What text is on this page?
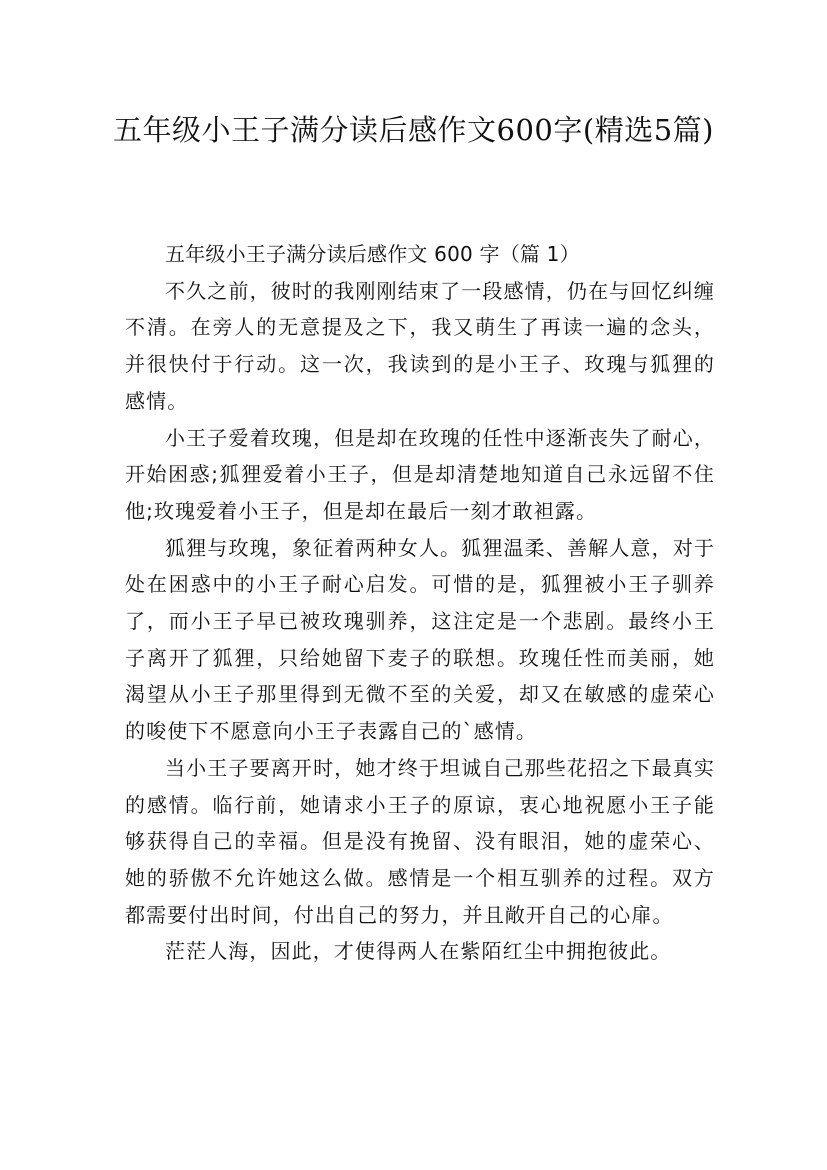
五年级小王子满分读后感作文600字(精选5篇)

五年级小王子满分读后感作文 600 字（篇 1）

不久之前，彼时的我刚刚结束了一段感情，仍在与回忆纠缠不清。在旁人的无意提及之下，我又萌生了再读一遍的念头，并很快付于行动。这一次，我读到的是小王子、玫瑰与狐狸的感情。

小王子爱着玫瑰，但是却在玫瑰的任性中逐渐丧失了耐心，开始困惑;狐狸爱着小王子，但是却清楚地知道自己永远留不住他;玫瑰爱着小王子，但是却在最后一刻才敢袒露。

狐狸与玫瑰，象征着两种女人。狐狸温柔、善解人意，对于处在困惑中的小王子耐心启发。可惜的是，狐狸被小王子驯养了，而小王子早已被玫瑰驯养，这注定是一个悲剧。最终小王子离开了狐狸，只给她留下麦子的联想。玫瑰任性而美丽，她渴望从小王子那里得到无微不至的关爱，却又在敏感的虚荣心的唆使下不愿意向小王子表露自己的`感情。

当小王子要离开时，她才终于坦诚自己那些花招之下最真实的感情。临行前，她请求小王子的原谅，衷心地祝愿小王子能够获得自己的幸福。但是没有挽留、没有眼泪，她的虚荣心、她的骄傲不允许她这么做。感情是一个相互驯养的过程。双方都需要付出时间，付出自己的努力，并且敞开自己的心扉。

茫茫人海，因此，才使得两人在紫陌红尘中拥抱彼此。
